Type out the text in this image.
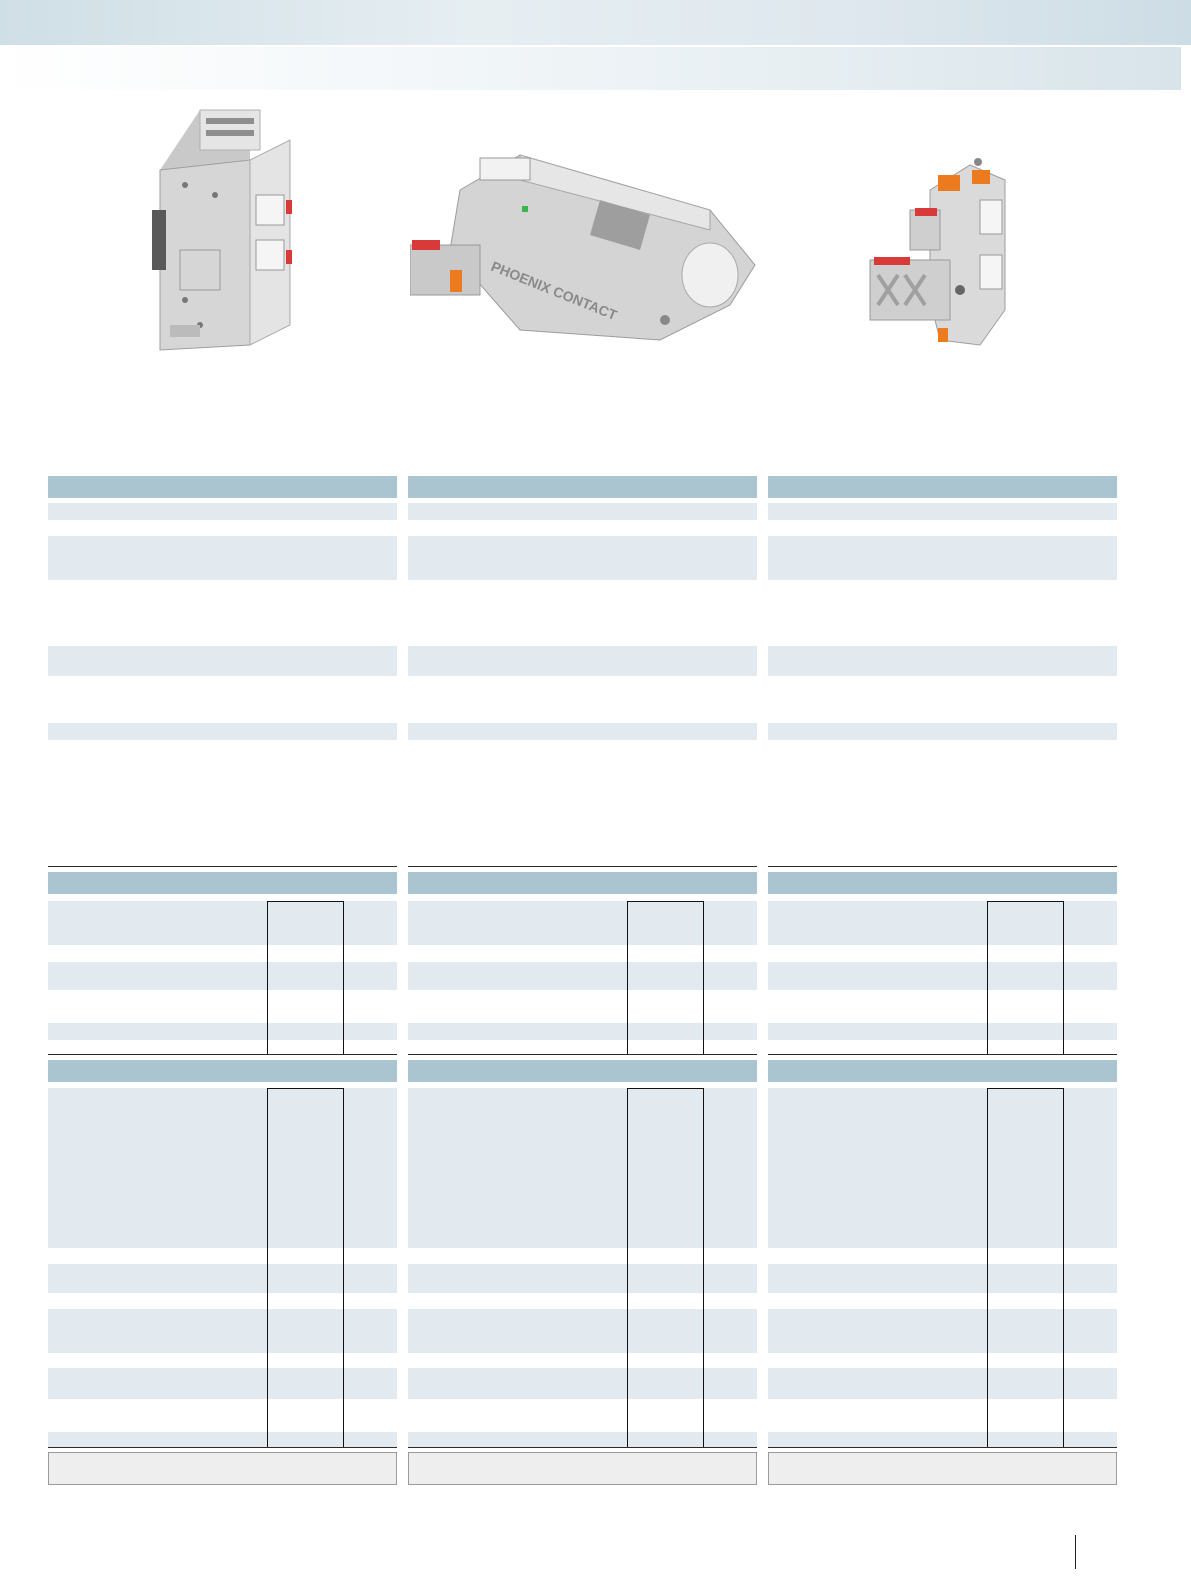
PHOENIX CONTACT
